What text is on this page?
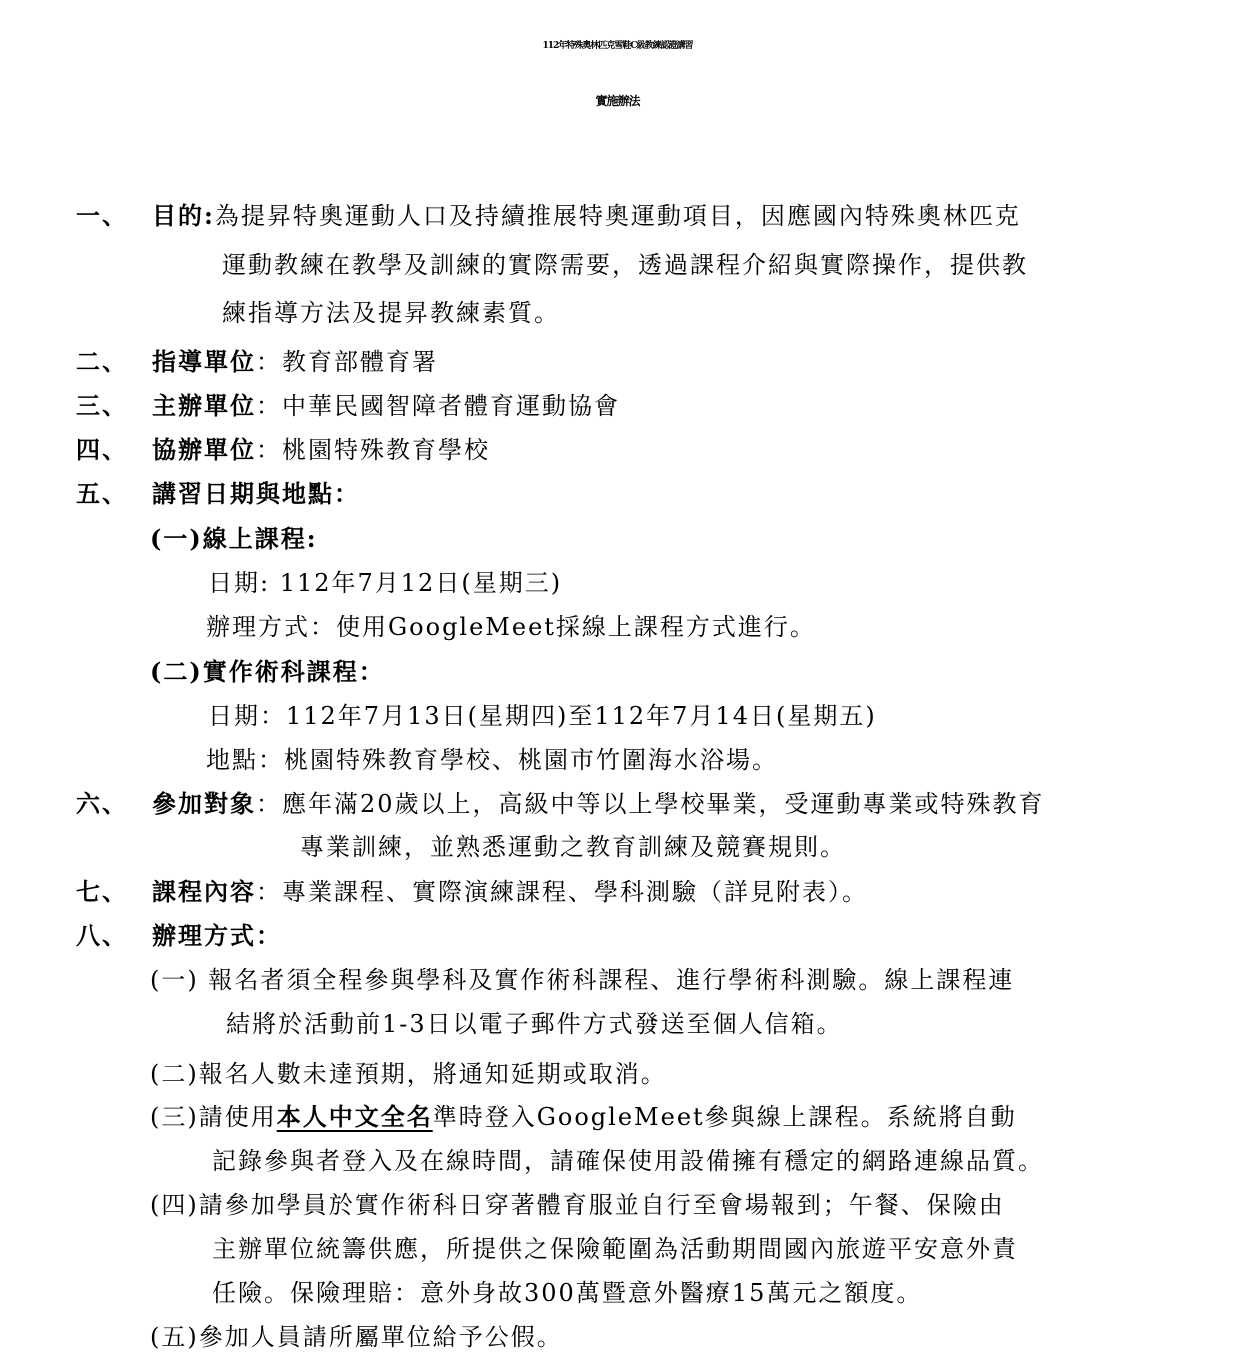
112年特殊奧林匹克雪鞋C級教練認證講習
實施辦法
一、 目的:為提昇特奧運動人口及持續推展特奧運動項目，因應國內特殊奧林匹克
運動教練在教學及訓練的實際需要，透過課程介紹與實際操作，提供教
練指導方法及提昇教練素質。
二、 指導單位：教育部體育署
三、 主辦單位：中華民國智障者體育運動協會
四、 協辦單位：桃園特殊教育學校
五、 講習日期與地點：
(一)線上課程:
日期: 112年7月12日(星期三)
辦理方式：使用GoogleMeet採線上課程方式進行。
(二)實作術科課程：
日期：112年7月13日(星期四)至112年7月14日(星期五)
地點：桃園特殊教育學校、桃園市竹圍海水浴場。
六、 參加對象：應年滿20歲以上，高級中等以上學校畢業，受運動專業或特殊教育
專業訓練，並熟悉運動之教育訓練及競賽規則。
七、 課程內容：專業課程、實際演練課程、學科測驗（詳見附表）。
八、 辦理方式：
(一) 報名者須全程參與學科及實作術科課程、進行學術科測驗。線上課程連
結將於活動前1-3日以電子郵件方式發送至個人信箱。
(二)報名人數未達預期，將通知延期或取消。
(三)請使用本人中文全名準時登入GoogleMeet參與線上課程。系統將自動
記錄參與者登入及在線時間，請確保使用設備擁有穩定的網路連線品質。
(四)請參加學員於實作術科日穿著體育服並自行至會場報到；午餐、保險由
主辦單位統籌供應，所提供之保險範圍為活動期間國內旅遊平安意外責
任險。保險理賠：意外身故300萬暨意外醫療15萬元之額度。
(五)參加人員請所屬單位給予公假。
